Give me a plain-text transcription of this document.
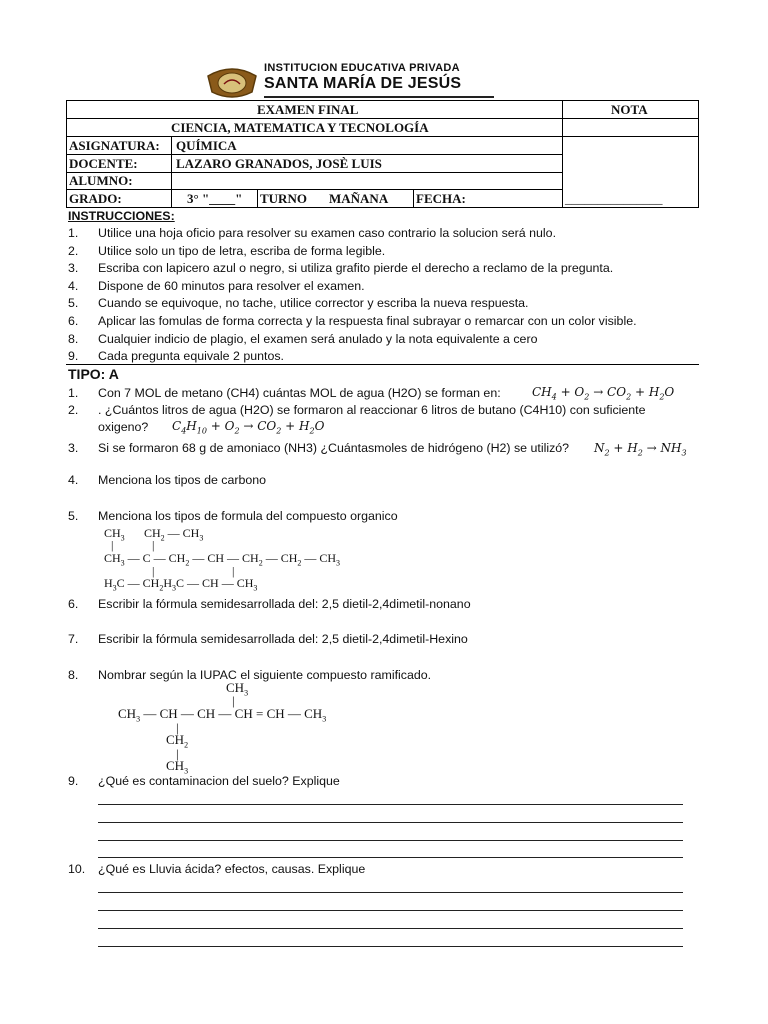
INSTITUCION EDUCATIVA PRIVADA
SANTA MARÍA DE JESÚS
EXAMEN FINAL
CIENCIA, MATEMATICA Y TECNOLOGÍA
NOTA
ASIGNATURA: QUÍMICA
DOCENTE:	LAZARO GRANADOS, JOSÈ LUIS
ALUMNO:
GRADO:	3° "____" TURNO MAÑANA FECHA:	_______________
INSTRUCCIONES:
1. Utilice una hoja oficio para resolver su examen caso contrario la solucion será nulo.
2. Utilice solo un tipo de letra, escriba de forma legible.
3. Escriba con lapicero azul o negro, si utiliza grafito pierde el derecho a reclamo de la pregunta.
4. Dispone de 60 minutos para resolver el examen.
5. Cuando se equivoque, no tache, utilice corrector y escriba la nueva respuesta.
6. Aplicar las fomulas de forma correcta y la respuesta final subrayar o remarcar con un color visible.
8. Cualquier indicio de plagio, el examen será anulado y la nota equivalente a cero
9. Cada pregunta equivale 2 puntos.
TIPO: A
1. Con 7 MOL de metano (CH4) cuántas MOL de agua (H2O) se forman en:	$CH_4 + O_2 \to CO_2 + H_2O$
2. . ¿Cuántos litros de agua (H2O) se formaron al reaccionar 6 litros de butano (C4H10) con suficiente
oxigeno? $C_4H_{10} + O_2 \to CO_2 + H_2O$
3. Si se formaron 68 g de amoniaco (NH3) ¿Cuántasmoles de hidrógeno (H2) se utilizó? $N_2 + H_2 \to NH_3$
4. Menciona los tipos de carbono
5. Menciona los tipos de formula del compuesto organico
$CH_3$ $CH_2$ — $CH_3$
|	|
$CH_3$ — C — $CH_2$ — CH — $CH_2$ — $CH_2$ — $CH_3$
|	|
$H_3C$ — $CH_2H_3C$ — CH — $CH_3$
6. Escribir la fórmula semidesarrollada del: 2,5 dietil-2,4dimetil-nonano
7. Escribir la fórmula semidesarrollada del: 2,5 dietil-2,4dimetil-Hexino
8. Nombrar según la IUPAC el siguiente compuesto ramificado.
$CH_3$
|
$CH_3$ — CH — CH — CH = CH — $CH_3$
|
$CH_2$
|
$CH_3$
9. ¿Qué es contaminacion del suelo? Explique
10. ¿Qué es Lluvia ácida? efectos, causas. Explique
